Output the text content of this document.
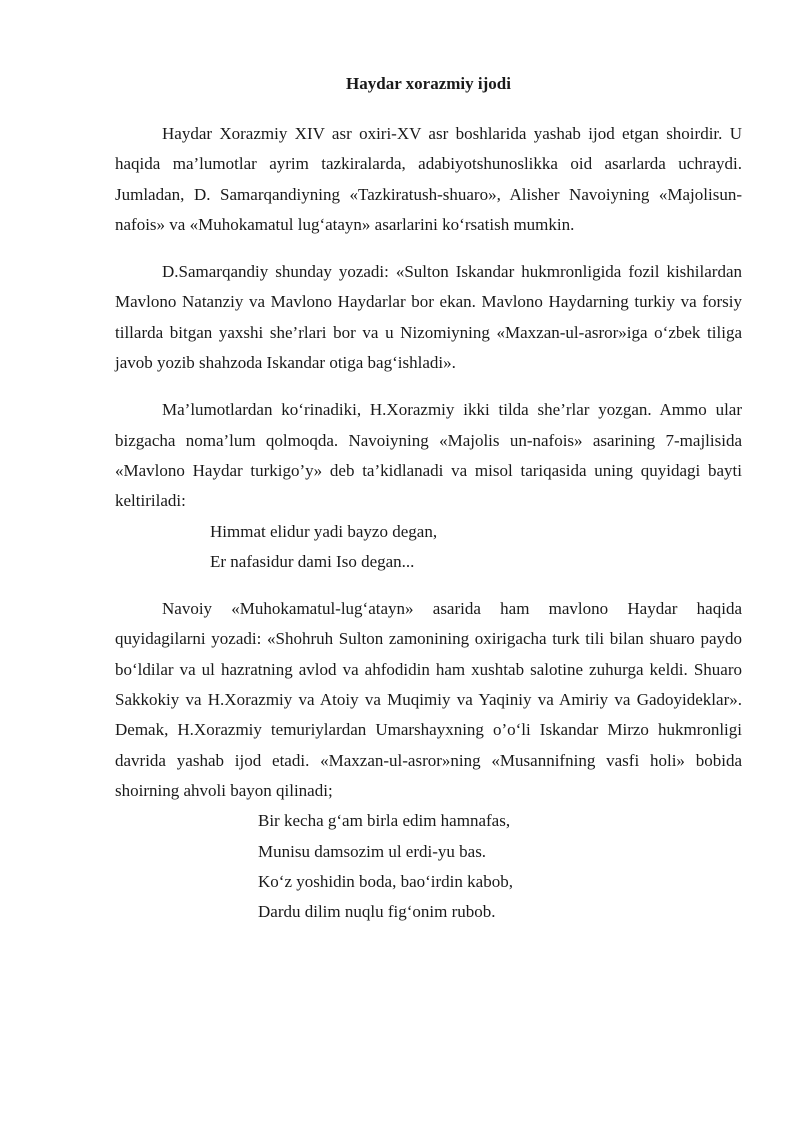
Haydar xorazmiy ijodi

Haydar Xorazmiy XIV asr oxiri-XV asr boshlarida yashab ijod etgan shoirdir. U haqida ma’lumotlar ayrim tazkiralarda, adabiyotshunoslikka oid asarlarda uchraydi. Jumladan, D. Samarqandiyning «Tazkiratush-shuaro», Alisher Navoiyning «Majolisun-nafois» va «Muhokamatul lug‘atayn» asarlarini ko‘rsatish mumkin.

D.Samarqandiy shunday yozadi: «Sulton Iskandar hukmronligida fozil kishilardan Mavlono Natanziy va Mavlono Haydarlar bor ekan. Mavlono Haydarning turkiy va forsiy tillarda bitgan yaxshi she’rlari bor va u Nizomiyning «Maxzan-ul-asror»iga o‘zbek tiliga javob yozib shahzoda Iskandar otiga bag‘ishladi».

Ma’lumotlardan ko‘rinadiki, H.Xorazmiy ikki tilda she’rlar yozgan. Ammo ular bizgacha noma’lum qolmoqda. Navoiyning «Majolis un-nafois» asarining 7-majlisida «Mavlono Haydar turkigo’y» deb ta’kidlanadi va misol tariqasida uning quyidagi bayti keltiriladi:

Himmat elidur yadi bayzo degan,
Er nafasidur dami Iso degan...

Navoiy «Muhokamatul-lug‘atayn» asarida ham mavlono Haydar haqida quyidagilarni yozadi: «Shohruh Sulton zamonining oxirigacha turk tili bilan shuaro paydo bo‘ldilar va ul hazratning avlod va ahfodidin ham xushtab salotine zuhurga keldi. Shuaro Sakkokiy va H.Xorazmiy va Atoiy va Muqimiy va Yaqiniy va Amiriy va Gadoyideklar». Demak, H.Xorazmiy temuriylardan Umarshayxning o’o‘li Iskandar Mirzo hukmronligi davrida yashab ijod etadi. «Maxzan-ul-asror»ning «Musannifning vasfi holi» bobida shoirning ahvoli bayon qilinadi;

Bir kecha g‘am birla edim hamnafas,
Munisu damsozim ul erdi-yu bas.
Ko‘z yoshidin boda, bao‘irdin kabob,
Dardu dilim nuqlu fig‘onim rubob.
